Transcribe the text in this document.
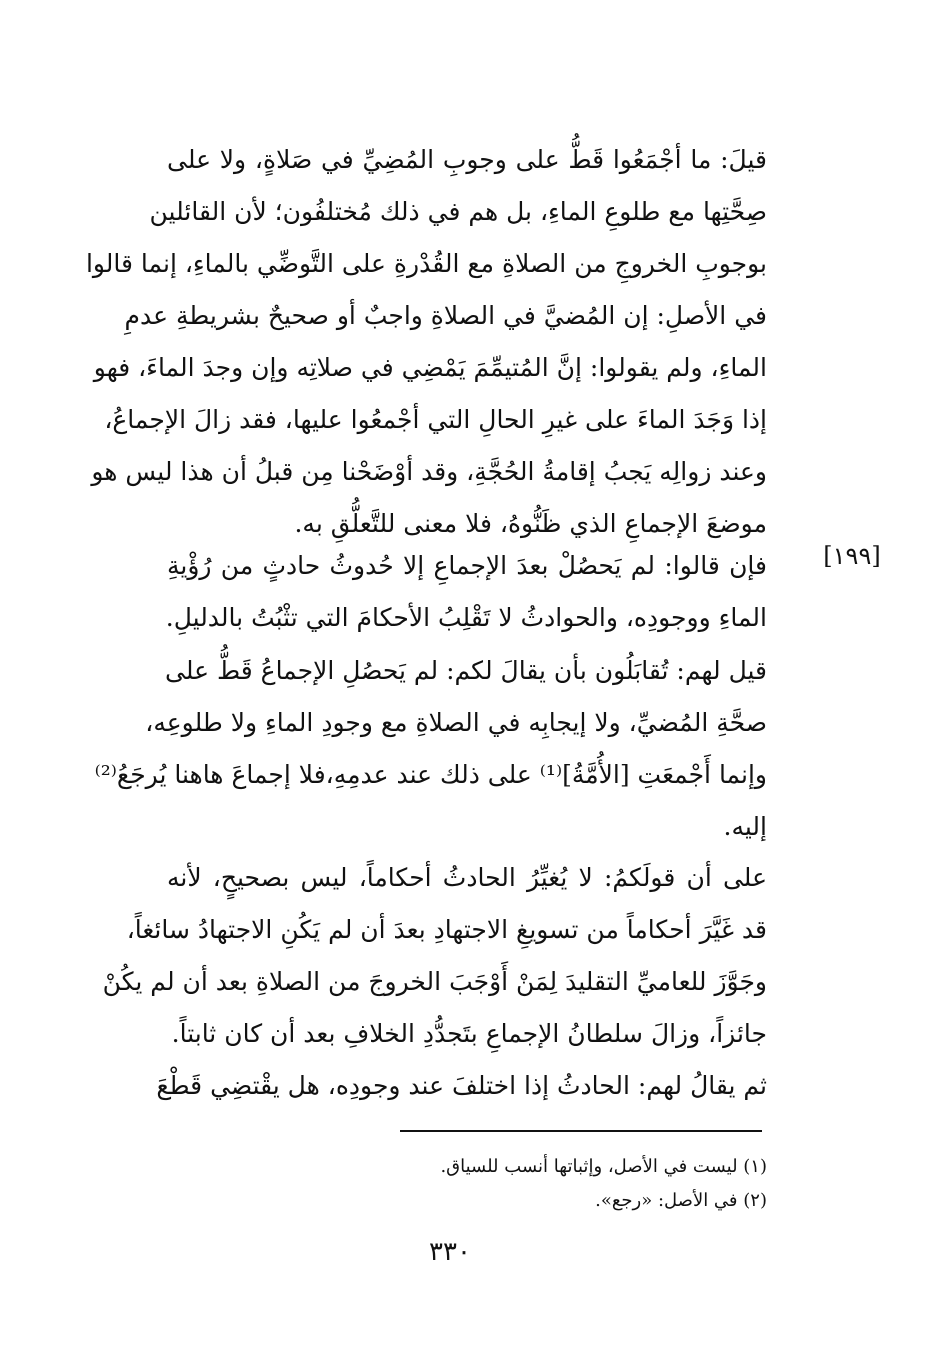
[١٩٩]

قيلَ: ما أجْمَعُوا قَطُّ على وجوبِ المُضِيِّ في صَلاةٍ، ولا على
صِحَّتِها مع طلوعِ الماءِ، بل هم في ذلك مُختلفُون؛ لأن القائلين
بوجوبِ الخروجِ من الصلاةِ مع القُدْرةِ على التَّوضِّي بالماءِ، إنما قالوا
في الأصلِ: إن المُضيَّ في الصلاةِ واجبٌ أو صحيحٌ بشريطةِ عدمِ
الماءِ، ولم يقولوا: إنَّ المُتيمِّمَ يَمْضِي في صلاتِه وإن وجدَ الماءَ، فهو
إذا وَجَدَ الماءَ على غيرِ الحالِ التي أجْمعُوا عليها، فقد زالَ الإجماعُ،
وعند زوالِه يَجبُ إقامةُ الحُجَّةِ، وقد أوْضَحْنا مِن قبلُ أن هذا ليس هو
موضعَ الإجماعِ الذي ظَنُّوهُ، فلا معنى للتَّعلُّقِ به.

فإن قالوا: لم يَحصُلْ بعدَ الإجماعِ إلا حُدوثُ حادثٍ من رُؤْيةِ
الماءِ ووجودِه، والحوادثُ لا تَقْلِبُ الأحكامَ التي تثْبُتُ بالدليلِ.

قيل لهم: تُقابَلُون بأن يقالَ لكم: لم يَحصُلِ الإجماعُ قَطُّ على
صحَّةِ المُضيِّ، ولا إيجابِه في الصلاةِ مع وجودِ الماءِ ولا طلوعِه،
وإنما أَجْمعَتِ [الأُمَّةُ]⁽¹⁾ على ذلك عند عدمِهِ،فلا إجماعَ هاهنا يُرجَعُ⁽²⁾
إليه.

على أن قولَكمُ: لا يُغيِّرُ الحادثُ أحكاماً، ليس بصحيحٍ، لأنه
قد غَيَّرَ أحكاماً من تسويغِ الاجتهادِ بعدَ أن لم يَكُنِ الاجتهادُ سائغاً،
وجَوَّزَ للعاميِّ التقليدَ لِمَنْ أَوْجَبَ الخروجَ من الصلاةِ بعد أن لم يكُنْ
جائزاً، وزالَ سلطانُ الإجماعِ بتَجدُّدِ الخلافِ بعد أن كان ثابتاً.

ثم يقالُ لهم: الحادثُ إذا اختلفَ عند وجودِه، هل يقْتضِي قَطْعَ

(١) ليست في الأصل، وإثباتها أنسب للسياق.
(٢) في الأصل: «رجع».
٣٣٠
